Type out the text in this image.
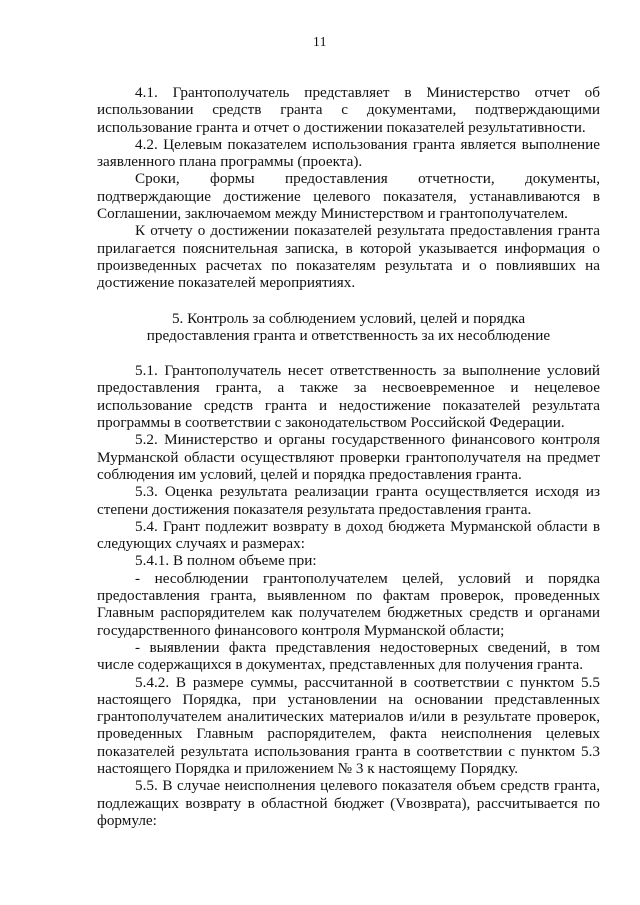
11

4.1. Грантополучатель представляет в Министерство отчет об использовании средств гранта с документами, подтверждающими использование гранта и отчет о достижении показателей результативности.

4.2. Целевым показателем использования гранта является выполнение заявленного плана программы (проекта).

Сроки, формы предоставления отчетности, документы, подтверждающие достижение целевого показателя, устанавливаются в Соглашении, заключаемом между Министерством и грантополучателем.

К отчету о достижении показателей результата предоставления гранта прилагается пояснительная записка, в которой указывается информация о произведенных расчетах по показателям результата и о повлиявших на достижение показателей мероприятиях.

5. Контроль за соблюдением условий, целей и порядка
предоставления гранта и ответственность за их несоблюдение

5.1. Грантополучатель несет ответственность за выполнение условий предоставления гранта, а также за несвоевременное и нецелевое использование средств гранта и недостижение показателей результата программы в соответствии с законодательством Российской Федерации.

5.2. Министерство и органы государственного финансового контроля Мурманской области осуществляют проверки грантополучателя на предмет соблюдения им условий, целей и порядка предоставления гранта.

5.3. Оценка результата реализации гранта осуществляется исходя из степени достижения показателя результата предоставления гранта.

5.4. Грант подлежит возврату в доход бюджета Мурманской области в следующих случаях и размерах:

5.4.1. В полном объеме при:

- несоблюдении грантополучателем целей, условий и порядка предоставления гранта, выявленном по фактам проверок, проведенных Главным распорядителем как получателем бюджетных средств и органами государственного финансового контроля Мурманской области;

- выявлении факта представления недостоверных сведений, в том числе содержащихся в документах, представленных для получения гранта.

5.4.2. В размере суммы, рассчитанной в соответствии с пунктом 5.5 настоящего Порядка, при установлении на основании представленных грантополучателем аналитических материалов и/или в результате проверок, проведенных Главным распорядителем, факта неисполнения целевых показателей результата использования гранта в соответствии с пунктом 5.3 настоящего Порядка и приложением № 3 к настоящему Порядку.

5.5. В случае неисполнения целевого показателя объем средств гранта, подлежащих возврату в областной бюджет (Vвозврата), рассчитывается по формуле:
